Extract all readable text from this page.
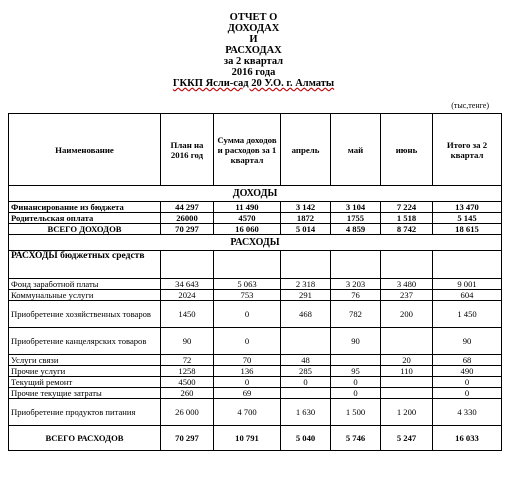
ОТЧЕТ О
ДОХОДАХ
И
РАСХОДАХ
за 2 квартал
2016 года
ГККП Ясли-сад 20 У.О. г. Алматы
(тыс,тенге)
Наименование	План на 2016 год	Сумма доходов и расходов за 1 квартал	апрель	май	июнь	Итого за 2 квартал
ДОХОДЫ						
Финансирование из бюджета	44 297	11 490	3 142	3 104	7 224	13 470
Родительская оплата	26000	4570	1872	1755	1 518	5 145
ВСЕГО ДОХОДОВ	70 297	16 060	5 014	4 859	8 742	18 615
РАСХОДЫ						
РАСХОДЫ бюджетных средств						
Фонд заработной платы	34 643	5 063	2 318	3 203	3 480	9 001
Коммунальные услуги	2024	753	291	76	237	604
Приобретение хозяйственных товаров	1450	0	468	782	200	1 450
Приобретение канцелярских товаров	90	0		90		90
Услуги связи	72	70	48		20	68
Прочие услуги	1258	136	285	95	110	490
Текущий ремонт	4500	0	0	0		0
Прочие текущие затраты	260	69		0		0
Приобретение продуктов питания	26 000	4 700	1 630	1 500	1 200	4 330
ВСЕГО РАСХОДОВ	70 297	10 791	5 040	5 746	5 247	16 033
